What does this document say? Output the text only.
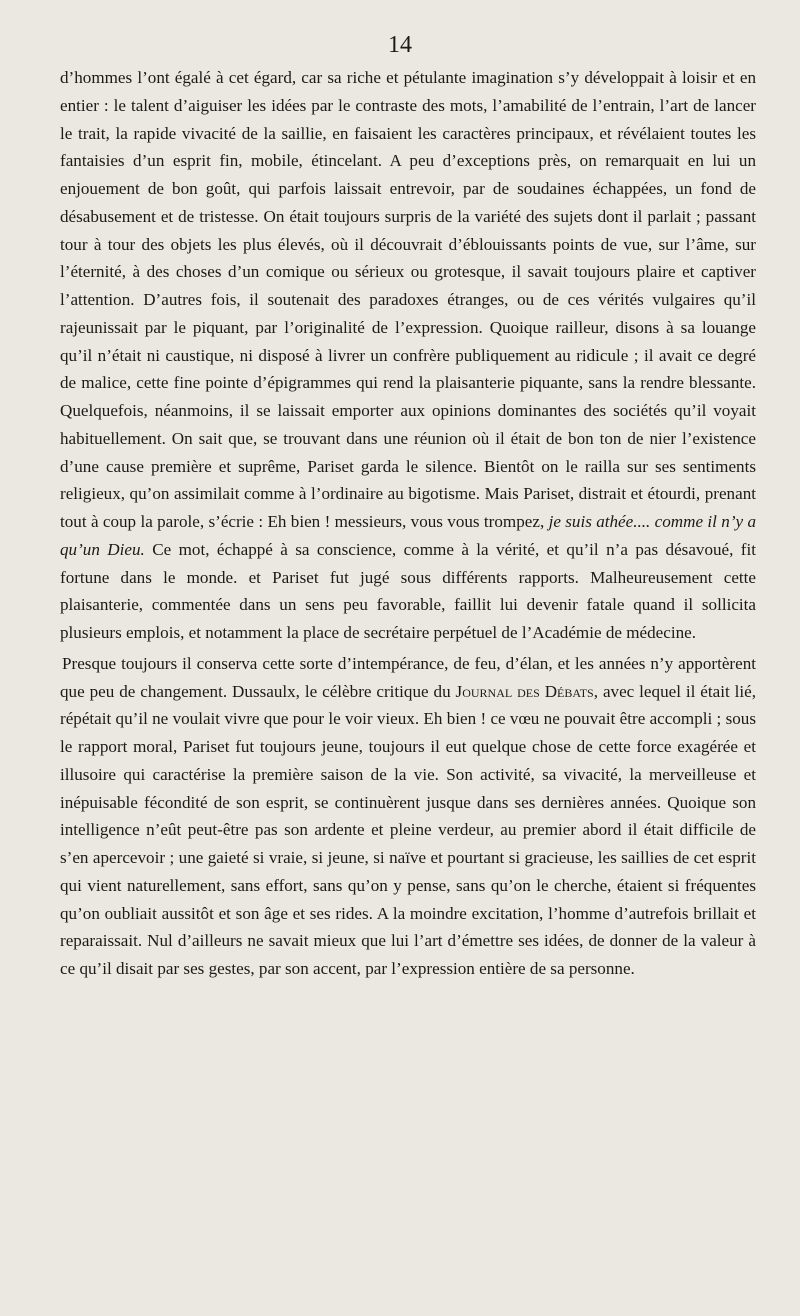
14

d’hommes l’ont égalé à cet égard, car sa riche et pétulante imagination s’y développait à loisir et en entier : le talent d’aiguiser les idées par le contraste des mots, l’amabilité de l’entrain, l’art de lancer le trait, la rapide vivacité de la saillie, en faisaient les caractères principaux, et révélaient toutes les fantaisies d’un esprit fin, mobile, étincelant. A peu d’exceptions près, on remarquait en lui un enjouement de bon goût, qui parfois laissait entrevoir, par de soudaines échappées, un fond de désabusement et de tristesse. On était toujours surpris de la variété des sujets dont il parlait ; passant tour à tour des objets les plus élevés, où il découvrait d’éblouissants points de vue, sur l’âme, sur l’éternité, à des choses d’un comique ou sérieux ou grotesque, il savait toujours plaire et captiver l’attention. D’autres fois, il soutenait des paradoxes étranges, ou de ces vérités vulgaires qu’il rajeunissait par le piquant, par l’originalité de l’expression. Quoique railleur, disons à sa louange qu’il n’était ni caustique, ni disposé à livrer un confrère publiquement au ridicule ; il avait ce degré de malice, cette fine pointe d’épigrammes qui rend la plaisanterie piquante, sans la rendre blessante. Quelquefois, néanmoins, il se laissait emporter aux opinions dominantes des sociétés qu’il voyait habituellement. On sait que, se trouvant dans une réunion où il était de bon ton de nier l’existence d’une cause première et suprême, Pariset garda le silence. Bientôt on le railla sur ses sentiments religieux, qu’on assimilait comme à l’ordinaire au bigotisme. Mais Pariset, distrait et étourdi, prenant tout à coup la parole, s’écrie : Eh bien ! messieurs, vous vous trompez, je suis athée.... comme il n’y a qu’un Dieu. Ce mot, échappé à sa conscience, comme à la vérité, et qu’il n’a pas désavoué, fit fortune dans le monde. et Pariset fut jugé sous différents rapports. Malheureusement cette plaisanterie, commentée dans un sens peu favorable, faillit lui devenir fatale quand il sollicita plusieurs emplois, et notamment la place de secrétaire perpétuel de l’Académie de médecine.

Presque toujours il conserva cette sorte d’intempérance, de feu, d’élan, et les années n’y apportèrent que peu de changement. Dussaulx, le célèbre critique du Journal des Débats, avec lequel il était lié, répétait qu’il ne voulait vivre que pour le voir vieux. Eh bien ! ce vœu ne pouvait être accompli ; sous le rapport moral, Pariset fut toujours jeune, toujours il eut quelque chose de cette force exagérée et illusoire qui caractérise la première saison de la vie. Son activité, sa vivacité, la merveilleuse et inépuisable fécondité de son esprit, se continuèrent jusque dans ses dernières années. Quoique son intelligence n’eût peut-être pas son ardente et pleine verdeur, au premier abord il était difficile de s’en apercevoir ; une gaieté si vraie, si jeune, si naïve et pourtant si gracieuse, les saillies de cet esprit qui vient naturellement, sans effort, sans qu’on y pense, sans qu’on le cherche, étaient si fréquentes qu’on oubliait aussitôt et son âge et ses rides. A la moindre excitation, l’homme d’autrefois brillait et reparaissait. Nul d’ailleurs ne savait mieux que lui l’art d’émettre ses idées, de donner de la valeur à ce qu’il disait par ses gestes, par son accent, par l’expression entière de sa personne.
